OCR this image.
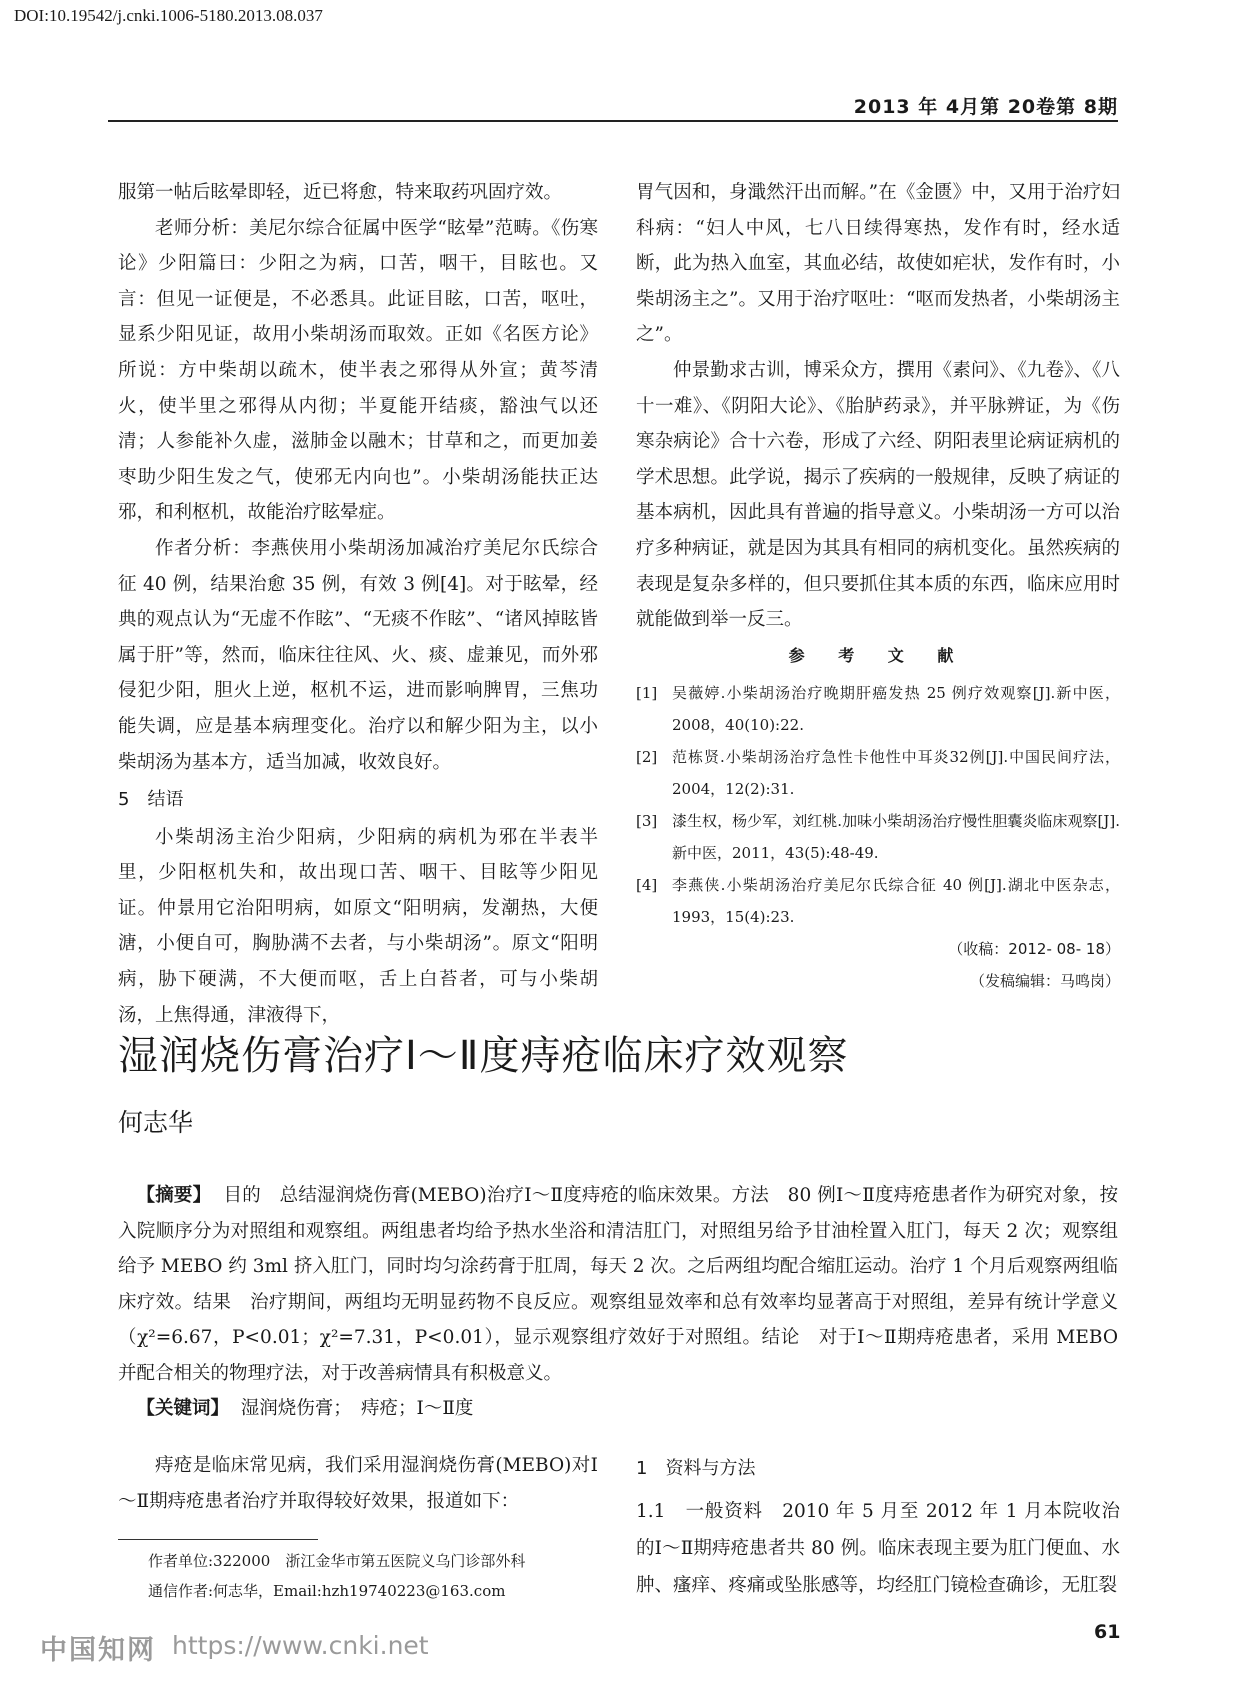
DOI:10.19542/j.cnki.1006-5180.2013.08.037
2013 年 4月第 20卷第 8期

服第一帖后眩晕即轻，近已将愈，特来取药巩固疗效。

老师分析：美尼尔综合征属中医学“眩晕”范畴。《伤寒论》少阳篇曰：少阳之为病，口苦，咽干，目眩也。又言：但见一证便是，不必悉具。此证目眩，口苦，呕吐，显系少阳见证，故用小柴胡汤而取效。正如《名医方论》所说：方中柴胡以疏木，使半表之邪得从外宣；黄芩清火，使半里之邪得从内彻；半夏能开结痰，豁浊气以还清；人参能补久虚，滋肺金以融木；甘草和之，而更加姜枣助少阳生发之气，使邪无内向也”。小柴胡汤能扶正达邪，和利枢机，故能治疗眩晕症。

作者分析：李燕侠用小柴胡汤加减治疗美尼尔氏综合征 40 例，结果治愈 35 例，有效 3 例[4]。对于眩晕，经典的观点认为“无虚不作眩”、“无痰不作眩”、“诸风掉眩皆属于肝”等，然而，临床往往风、火、痰、虚兼见，而外邪侵犯少阳，胆火上逆，枢机不运，进而影响脾胃，三焦功能失调，应是基本病理变化。治疗以和解少阳为主，以小柴胡汤为基本方，适当加减，收效良好。

5　结语

小柴胡汤主治少阳病，少阳病的病机为邪在半表半里，少阳枢机失和，故出现口苦、咽干、目眩等少阳见证。仲景用它治阳明病，如原文“阳明病，发潮热，大便溏，小便自可，胸胁满不去者，与小柴胡汤”。原文“阳明病，胁下硬满，不大便而呕，舌上白苔者，可与小柴胡汤，上焦得通，津液得下，

胃气因和，身濈然汗出而解。”在《金匮》中，又用于治疗妇科病：“妇人中风，七八日续得寒热，发作有时，经水适断，此为热入血室，其血必结，故使如疟状，发作有时，小柴胡汤主之”。又用于治疗呕吐：“呕而发热者，小柴胡汤主之”。

仲景勤求古训，博采众方，撰用《素问》、《九卷》、《八十一难》、《阴阳大论》、《胎胪药录》，并平脉辨证，为《伤寒杂病论》合十六卷，形成了六经、阴阳表里论病证病机的学术思想。此学说，揭示了疾病的一般规律，反映了病证的基本病机，因此具有普遍的指导意义。小柴胡汤一方可以治疗多种病证，就是因为其具有相同的病机变化。虽然疾病的表现是复杂多样的，但只要抓住其本质的东西，临床应用时就能做到举一反三。

参 考 文 献

[1] 吴薇婷.小柴胡汤治疗晚期肝癌发热 25 例疗效观察[J].新中医，2008，40(10):22.
[2] 范栋贤.小柴胡汤治疗急性卡他性中耳炎32例[J].中国民间疗法，2004，12(2):31.
[3] 漆生权，杨少军，刘红桃.加味小柴胡汤治疗慢性胆囊炎临床观察[J].新中医，2011，43(5):48-49.
[4] 李燕侠.小柴胡汤治疗美尼尔氏综合征 40 例[J].湖北中医杂志，1993，15(4):23.
（收稿：2012- 08- 18）
（发稿编辑：马鸣岗）
湿润烧伤膏治疗Ⅰ～Ⅱ度痔疮临床疗效观察
何志华

【摘要】 目的　总结湿润烧伤膏(MEBO)治疗Ⅰ～Ⅱ度痔疮的临床效果。方法　80 例Ⅰ～Ⅱ度痔疮患者作为研究对象，按入院顺序分为对照组和观察组。两组患者均给予热水坐浴和清洁肛门，对照组另给予甘油栓置入肛门，每天 2 次；观察组给予 MEBO 约 3ml 挤入肛门，同时均匀涂药膏于肛周，每天 2 次。之后两组均配合缩肛运动。治疗 1 个月后观察两组临床疗效。结果　治疗期间，两组均无明显药物不良反应。观察组显效率和总有效率均显著高于对照组，差异有统计学意义（χ²=6.67，P<0.01；χ²=7.31，P<0.01），显示观察组疗效好于对照组。结论　对于Ⅰ～Ⅱ期痔疮患者，采用 MEBO 并配合相关的物理疗法，对于改善病情具有积极意义。

【关键词】 湿润烧伤膏；　痔疮；Ⅰ～Ⅱ度

痔疮是临床常见病，我们采用湿润烧伤膏(MEBO)对Ⅰ～Ⅱ期痔疮患者治疗并取得较好效果，报道如下：

作者单位:322000　浙江金华市第五医院义乌门诊部外科

通信作者:何志华，Email:hzh19740223@163.com

1　资料与方法

1.1　一般资料　2010 年 5 月至 2012 年 1 月本院收治的Ⅰ～Ⅱ期痔疮患者共 80 例。临床表现主要为肛门便血、水肿、瘙痒、疼痛或坠胀感等，均经肛门镜检查确诊，无肛裂

中国知网 https://www.cnki.net	61
